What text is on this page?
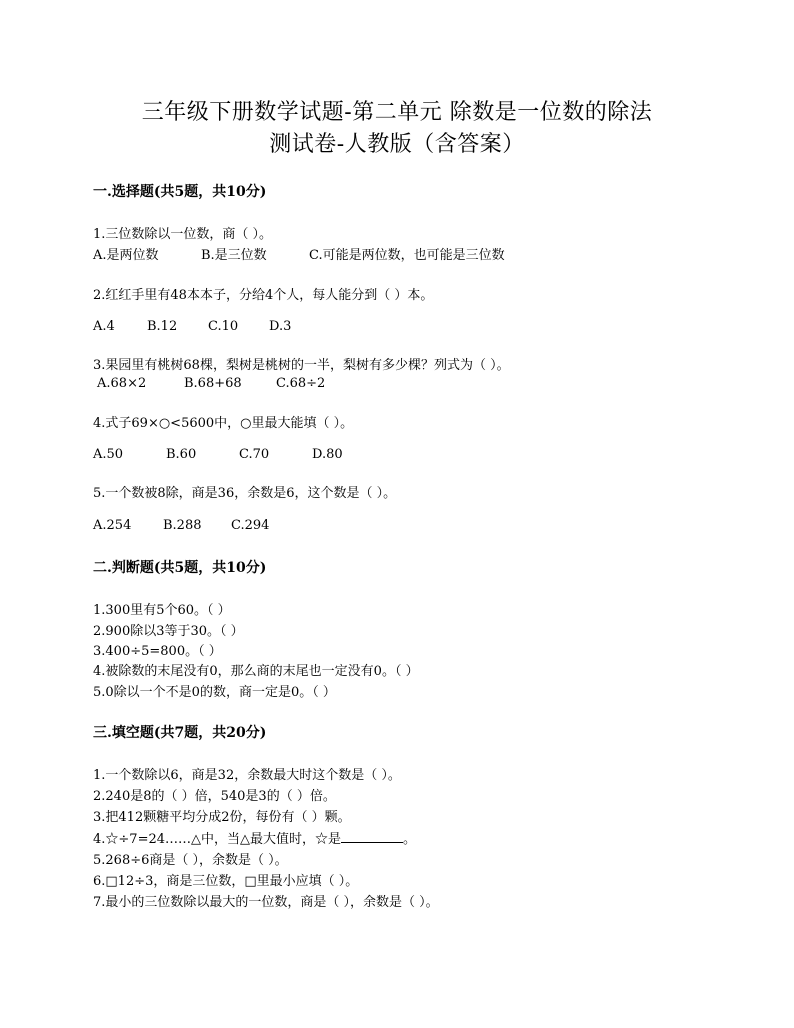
三年级下册数学试题-第二单元 除数是一位数的除法
测试卷-人教版（含答案）
一.选择题(共5题，共10分)
1.三位数除以一位数，商（ ）。
A.是两位数	B.是三位数	C.可能是两位数，也可能是三位数
2.红红手里有48本本子，分给4个人，每人能分到（ ）本。
A.4 B.12 C.10 D.3
3.果园里有桃树68棵，梨树是桃树的一半，梨树有多少棵？列式为（ ）。
A.68×2	B.68+68	C.68÷2
4.式子69×○<5600中，○里最大能填（ ）。
A.50	B.60	C.70	D.80
5.一个数被8除，商是36，余数是6，这个数是（ ）。
A.254 B.288 C.294
二.判断题(共5题，共10分)
1.300里有5个60。（ ）
2.900除以3等于30。（ ）
3.400÷5=800。（ ）
4.被除数的末尾没有0，那么商的末尾也一定没有0。（ ）
5.0除以一个不是0的数，商一定是0。（ ）
三.填空题(共7题，共20分)
1.一个数除以6，商是32，余数最大时这个数是（ ）。
2.240是8的（ ）倍，540是3的（ ）倍。
3.把412颗糖平均分成2份，每份有（ ）颗。
4.☆÷7=24……△中，当△最大值时，☆是	。
5.268÷6商是（ ），余数是（ ）。
6.□12÷3，商是三位数，□里最小应填（ ）。
7.最小的三位数除以最大的一位数，商是（ ），余数是（ ）。
